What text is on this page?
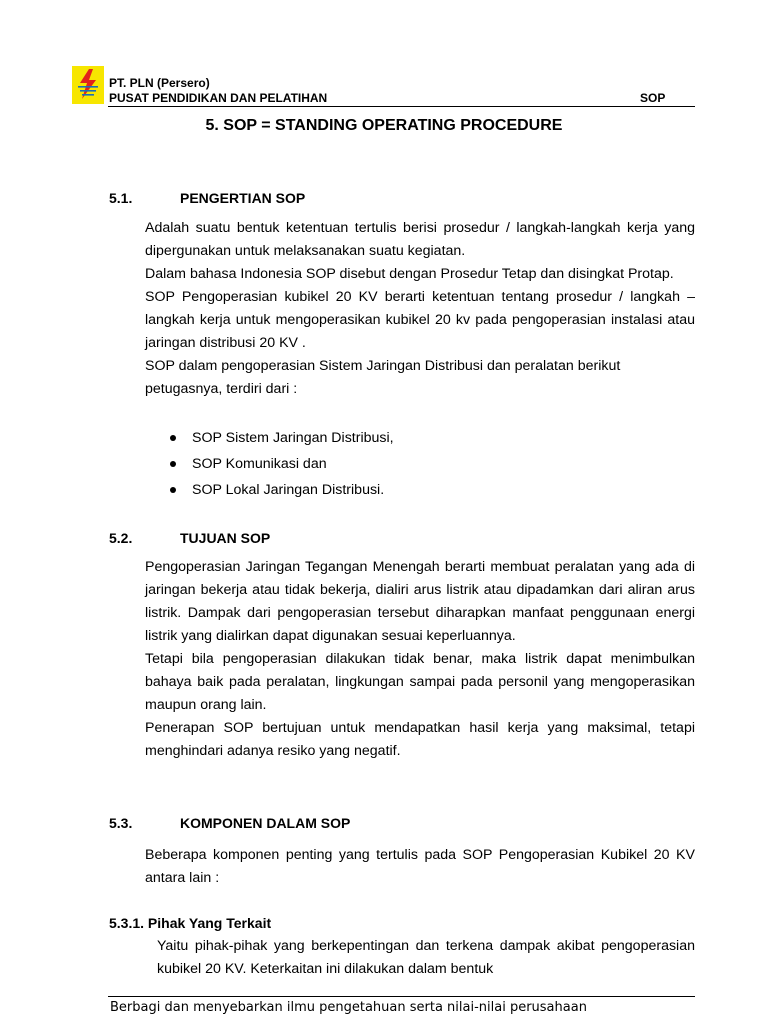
PT. PLN (Persero)
PUSAT PENDIDIKAN DAN PELATIHAN	SOP
5. SOP = STANDING OPERATING PROCEDURE
5.1.	PENGERTIAN SOP

Adalah suatu bentuk ketentuan tertulis berisi prosedur / langkah-langkah kerja yang dipergunakan untuk melaksanakan suatu kegiatan.

Dalam bahasa Indonesia SOP disebut dengan Prosedur Tetap dan disingkat Protap.

SOP Pengoperasian kubikel 20 KV berarti ketentuan tentang prosedur / langkah – langkah kerja untuk mengoperasikan kubikel 20 kv pada pengoperasian instalasi atau jaringan distribusi 20 KV .

SOP dalam pengoperasian Sistem Jaringan Distribusi dan peralatan berikut petugasnya, terdiri dari :

SOP Sistem Jaringan Distribusi,
SOP Komunikasi dan
SOP Lokal Jaringan Distribusi.
5.2.	TUJUAN SOP

Pengoperasian Jaringan Tegangan Menengah berarti membuat peralatan yang ada di jaringan bekerja atau tidak bekerja, dialiri arus listrik atau dipadamkan dari aliran arus listrik. Dampak dari pengoperasian tersebut diharapkan manfaat penggunaan energi listrik yang dialirkan dapat digunakan sesuai keperluannya.

Tetapi bila pengoperasian dilakukan tidak benar, maka listrik dapat menimbulkan bahaya baik pada peralatan, lingkungan sampai pada personil yang mengoperasikan maupun orang lain.

Penerapan SOP bertujuan untuk mendapatkan hasil kerja yang maksimal, tetapi menghindari adanya resiko yang negatif.

5.3.	KOMPONEN DALAM SOP

Beberapa komponen penting yang tertulis pada SOP Pengoperasian Kubikel 20 KV antara lain :

5.3.1. Pihak Yang Terkait
Yaitu pihak-pihak yang berkepentingan dan terkena dampak akibat pengoperasian kubikel 20 KV. Keterkaitan ini dilakukan dalam bentuk
Berbagi dan menyebarkan ilmu pengetahuan serta nilai-nilai perusahaan
